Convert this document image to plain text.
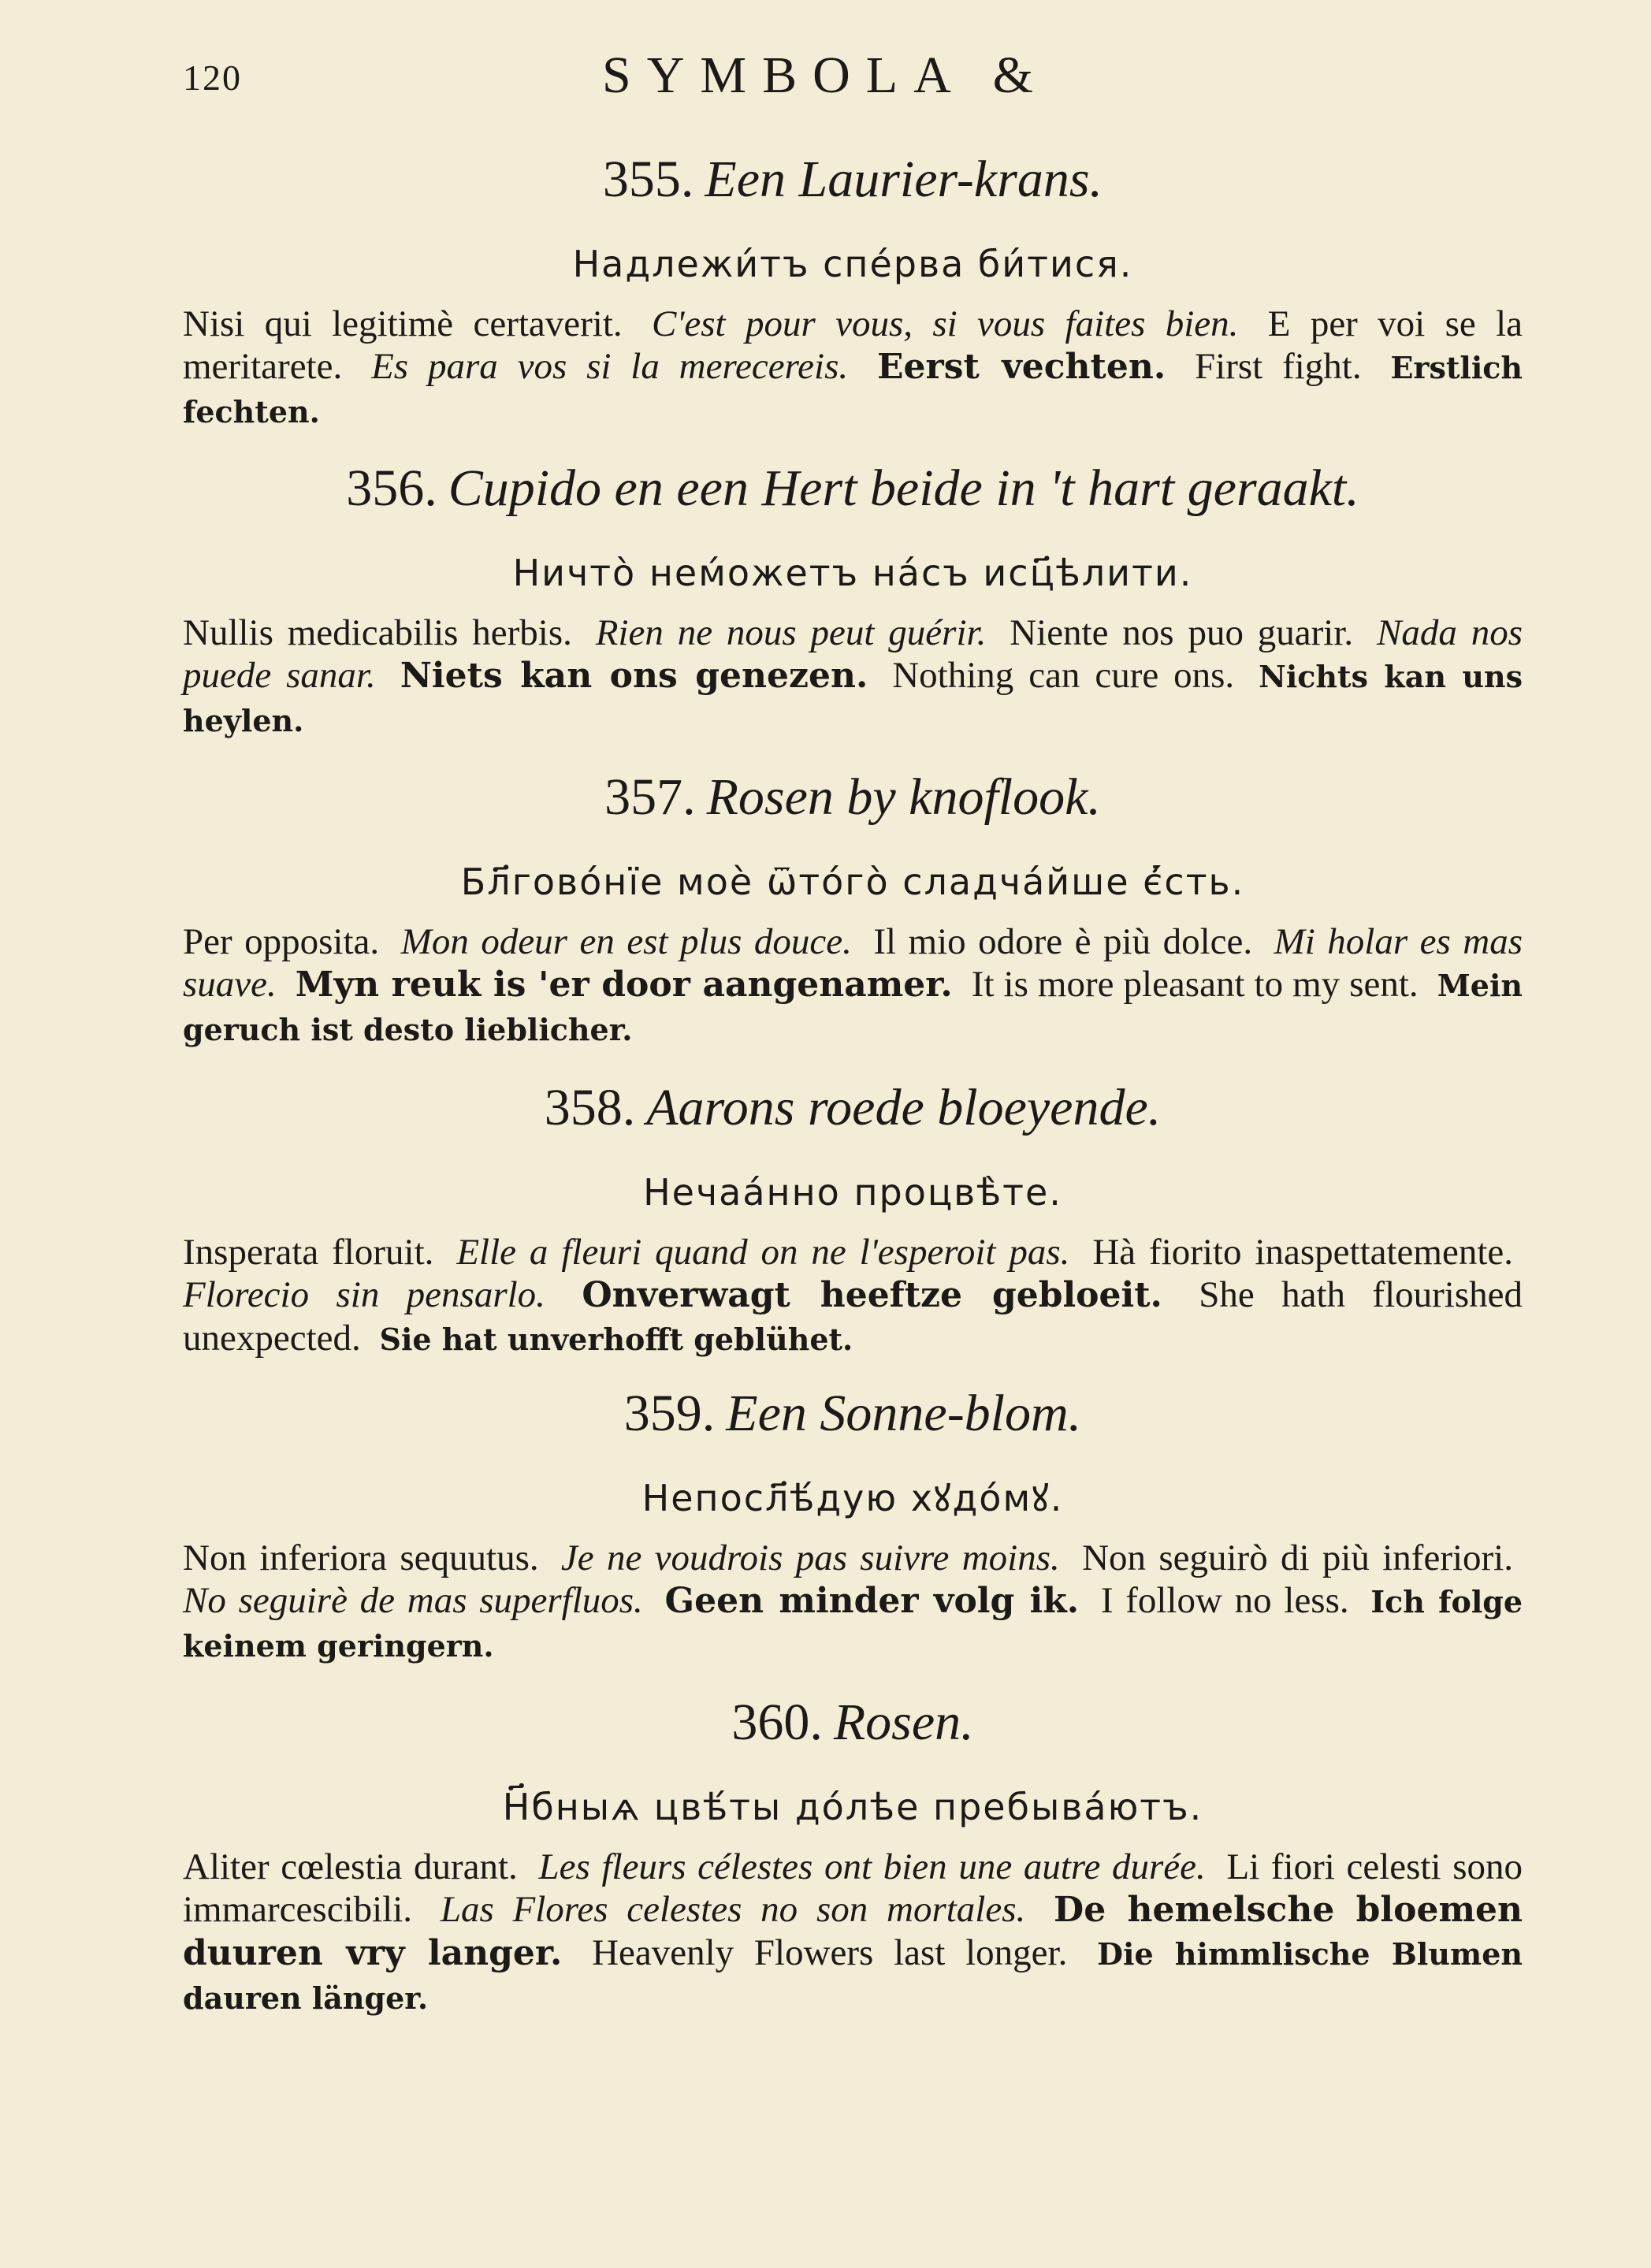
120	SYMBOLA &
355. Een Laurier-krans.
Надлежи́тъ спе́рва би́тися.
Nisi qui legitimè certaverit. C'est pour vous, si vous faites bien. E per voi se la meritarete. Es para vos si la merecereis. Eerst vechten. First fight. Erstlich fechten.
356. Cupido en een Hert beide in 't hart geraakt.
Ничто̀ нем́ожетъ на́съ исц҃ѣлити.
Nullis medicabilis herbis. Rien ne nous peut guérir. Niente nos puo guarir. Nada nos puede sanar. Niets kan ons genezen. Nothing can cure ons. Nichts kan uns heylen.
357. Rosen by knoflook.
Бл҃гово́нїе моѐ ѿто́го̀ сладча́йше є҆́сть.
Per opposita. Mon odeur en est plus douce. Il mio odore è più dolce. Mi holar es mas suave. Myn reuk is 'er door aangenamer. It is more pleasant to my sent. Mein geruch ist desto lieblicher.
358. Aarons roede bloeyende.
Нечаа́нно процвѣ̀те.
Insperata floruit. Elle a fleuri quand on ne l'esperoit pas. Hà fiorito inaspettatemente. Florecio sin pensarlo. Onverwagt heeftze gebloeit. She hath flourished unexpected. Sie hat unverhofft geblühet.
359. Een Sonne-blom.
Непосл҃ѣ́дую хꙋдо́мꙋ.
Non inferiora sequutus. Je ne voudrois pas suivre moins. Non seguirò di più inferiori. No seguirè de mas superfluos. Geen minder volg ik. I follow no less. Ich folge keinem geringern.
360. Rosen.
Н҃бныѧ цвѣ́ты до́лѣе пребыва́ютъ.
Aliter cœlestia durant. Les fleurs célestes ont bien une autre durée. Li fiori celesti sono immarcescibili. Las Flores celestes no son mortales. De hemelsche bloemen duuren vry langer. Heavenly Flowers last longer. Die himmlische Blumen dauren länger.
